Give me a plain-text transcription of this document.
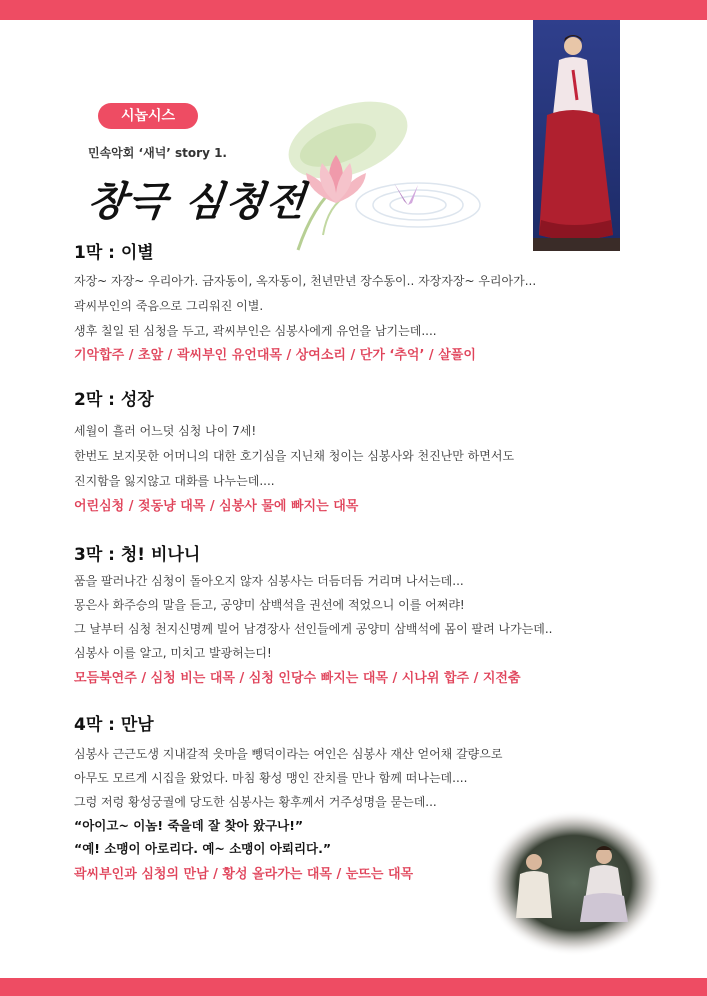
시놉시스
민속악회 ‘새넉’ story 1.
창극 심청전
1막 : 이별
자장~ 자장~ 우리아가. 금자동이, 옥자동이, 천년만년 장수동이.. 자장자장~ 우리아가...
곽씨부인의 죽음으로 그리워진 이별.
생후 칠일 된 심청을 두고, 곽씨부인은 심봉사에게 유언을 남기는데....
기악합주 / 초앞 / 곽씨부인 유언대목 / 상여소리 / 단가 ‘추억’ / 살풀이
2막 : 성장
세월이 흘러 어느덧 심청 나이 7세!
한번도 보지못한 어머니의 대한 호기심을 지닌채 청이는 심봉사와 천진난만 하면서도
진지함을 잃지않고 대화를 나누는데....
어린심청 / 젖동냥 대목 / 심봉사 물에 빠지는 대목
3막 : 청! 비나니
품을 팔러나간 심청이 돌아오지 않자 심봉사는 더듬더듬 거리며 나서는데...
몽은사 화주승의 말을 듣고, 공양미 삼백석을 권선에 적었으니 이를 어쩌랴!
그 날부터 심청 천지신명께 빌어 남경장사 선인들에게 공양미 삼백석에 몸이 팔려 나가는데..
심봉사 이를 알고, 미치고 발광허는디!
모듬북연주 / 심청 비는 대목 / 심청 인당수 빠지는 대목 / 시나위 합주 / 지전춤
4막 : 만남
심봉사 근근도생 지내갈적 읏마을 뺑덕이라는 여인은 심봉사 재산 얻어채 갈량으로
아무도 모르게 시집을 왔었다. 마침 황성 맹인 잔치를 만나 함께 떠나는데....
그렁 저렁 황성궁궐에 당도한 심봉사는 황후께서 거주성명을 묻는데...
“아이고~ 이놈! 죽을데 잘 찾아 왔구나!”
“예! 소맹이 아로리다. 예~ 소맹이 아뢰리다.”
곽씨부인과 심청의 만남 / 황성 올라가는 대목 / 눈뜨는 대목
